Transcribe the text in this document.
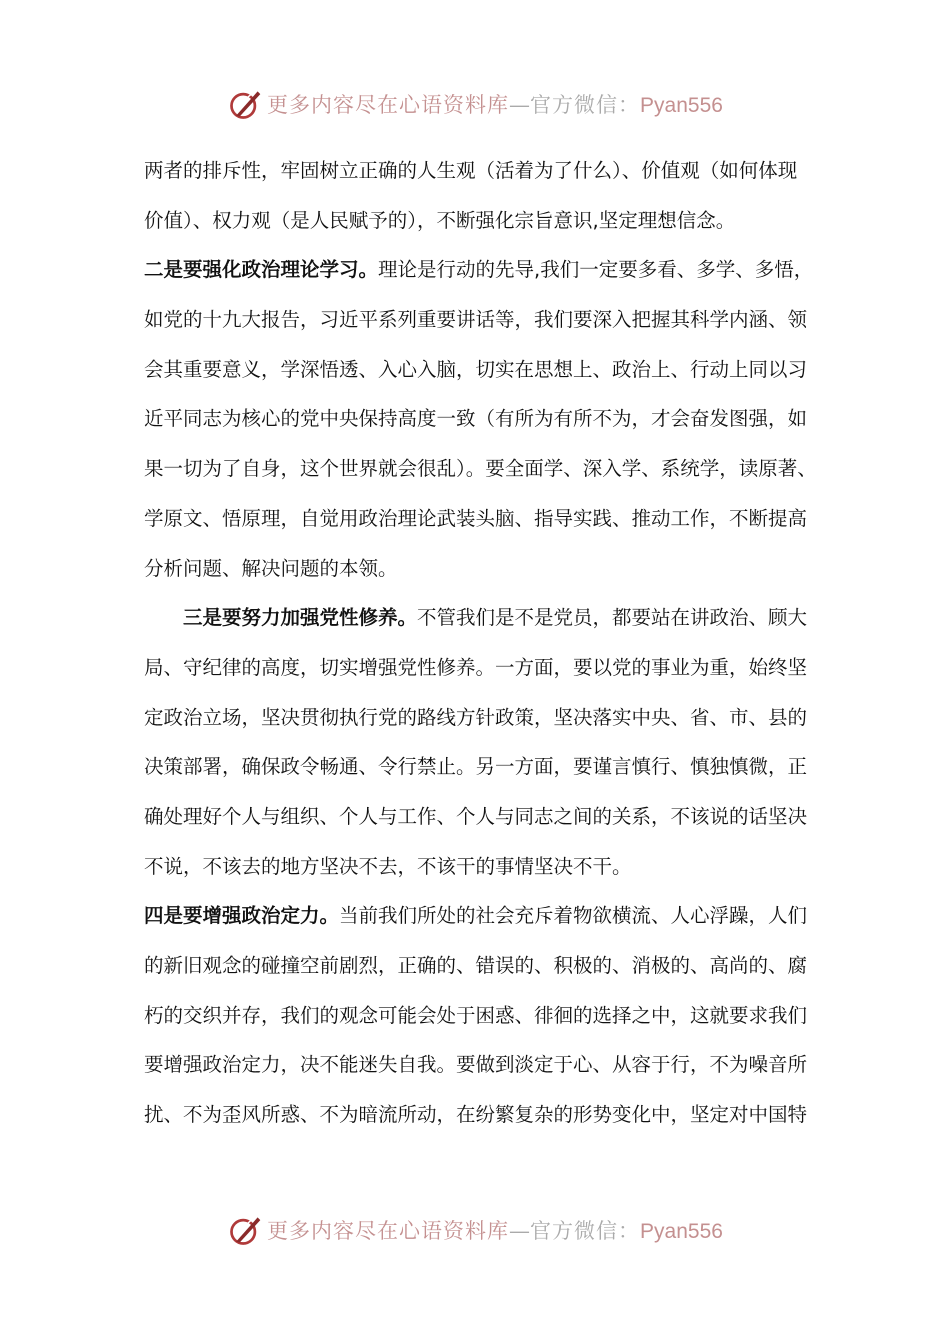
更多内容尽在心语资料库—官方微信：Pyan556
两者的排斥性，牢固树立正确的人生观（活着为了什么）、价值观（如何体现
价值）、权力观（是人民赋予的），不断强化宗旨意识,坚定理想信念。
二是要强化政治理论学习。理论是行动的先导,我们一定要多看、多学、多悟，
如党的十九大报告，习近平系列重要讲话等，我们要深入把握其科学内涵、领
会其重要意义，学深悟透、入心入脑，切实在思想上、政治上、行动上同以习
近平同志为核心的党中央保持高度一致（有所为有所不为，才会奋发图强，如
果一切为了自身，这个世界就会很乱）。要全面学、深入学、系统学，读原著、
学原文、悟原理，自觉用政治理论武装头脑、指导实践、推动工作，不断提高
分析问题、解决问题的本领。
三是要努力加强党性修养。不管我们是不是党员，都要站在讲政治、顾大
局、守纪律的高度，切实增强党性修养。一方面，要以党的事业为重，始终坚
定政治立场，坚决贯彻执行党的路线方针政策，坚决落实中央、省、市、县的
决策部署，确保政令畅通、令行禁止。另一方面，要谨言慎行、慎独慎微，正
确处理好个人与组织、个人与工作、个人与同志之间的关系，不该说的话坚决
不说，不该去的地方坚决不去，不该干的事情坚决不干。
四是要增强政治定力。当前我们所处的社会充斥着物欲横流、人心浮躁，人们
的新旧观念的碰撞空前剧烈，正确的、错误的、积极的、消极的、高尚的、腐
朽的交织并存，我们的观念可能会处于困惑、徘徊的选择之中，这就要求我们
要增强政治定力，决不能迷失自我。要做到淡定于心、从容于行，不为噪音所
扰、不为歪风所惑、不为暗流所动，在纷繁复杂的形势变化中，坚定对中国特
更多内容尽在心语资料库—官方微信：Pyan556
